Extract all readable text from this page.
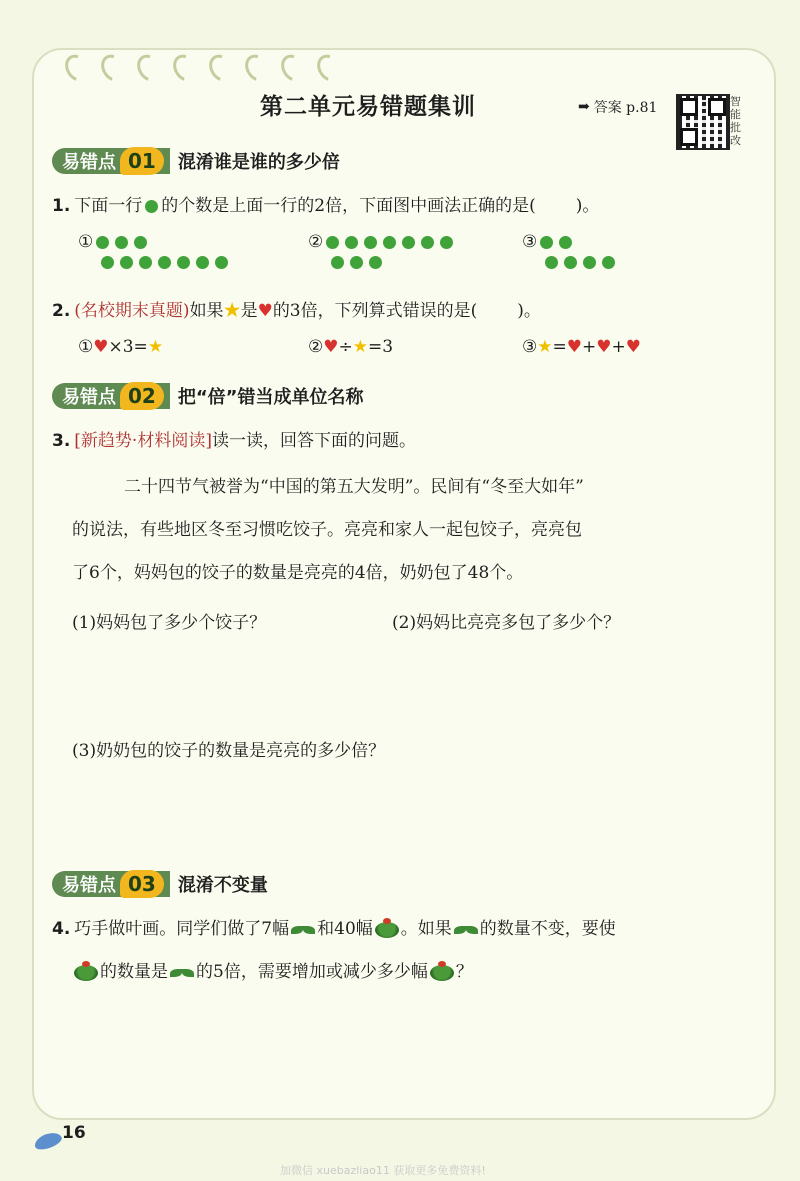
第二单元易错题集训	➡ 答案 p.81	智
能
批
改
易错点 01	混淆谁是谁的多少倍
1. 下面一行 的个数是上面一行的2倍，下面图中画法正确的是( )。
①	②	③

2. (名校期末真题)如果★是♥的3倍，下列算式错误的是( )。
①♥×3=★	②♥÷★=3	③★=♥+♥+♥
易错点 02	把“倍”错当成单位名称
3. [新趋势·材料阅读]读一读，回答下面的问题。
二十四节气被誉为“中国的第五大发明”。民间有“冬至大如年”
的说法，有些地区冬至习惯吃饺子。亮亮和家人一起包饺子，亮亮包
了6个，妈妈包的饺子的数量是亮亮的4倍，奶奶包了48个。
(1)妈妈包了多少个饺子？	(2)妈妈比亮亮多包了多少个？
(3)奶奶包的饺子的数量是亮亮的多少倍？
易错点 03	混淆不变量
4. 巧手做叶画。同学们做了7幅 和40幅 。如果 的数量不变，要使
的数量是 的5倍，需要增加或减少多少幅 ？
16
加微信 xuebazliao11 获取更多免费资料!
